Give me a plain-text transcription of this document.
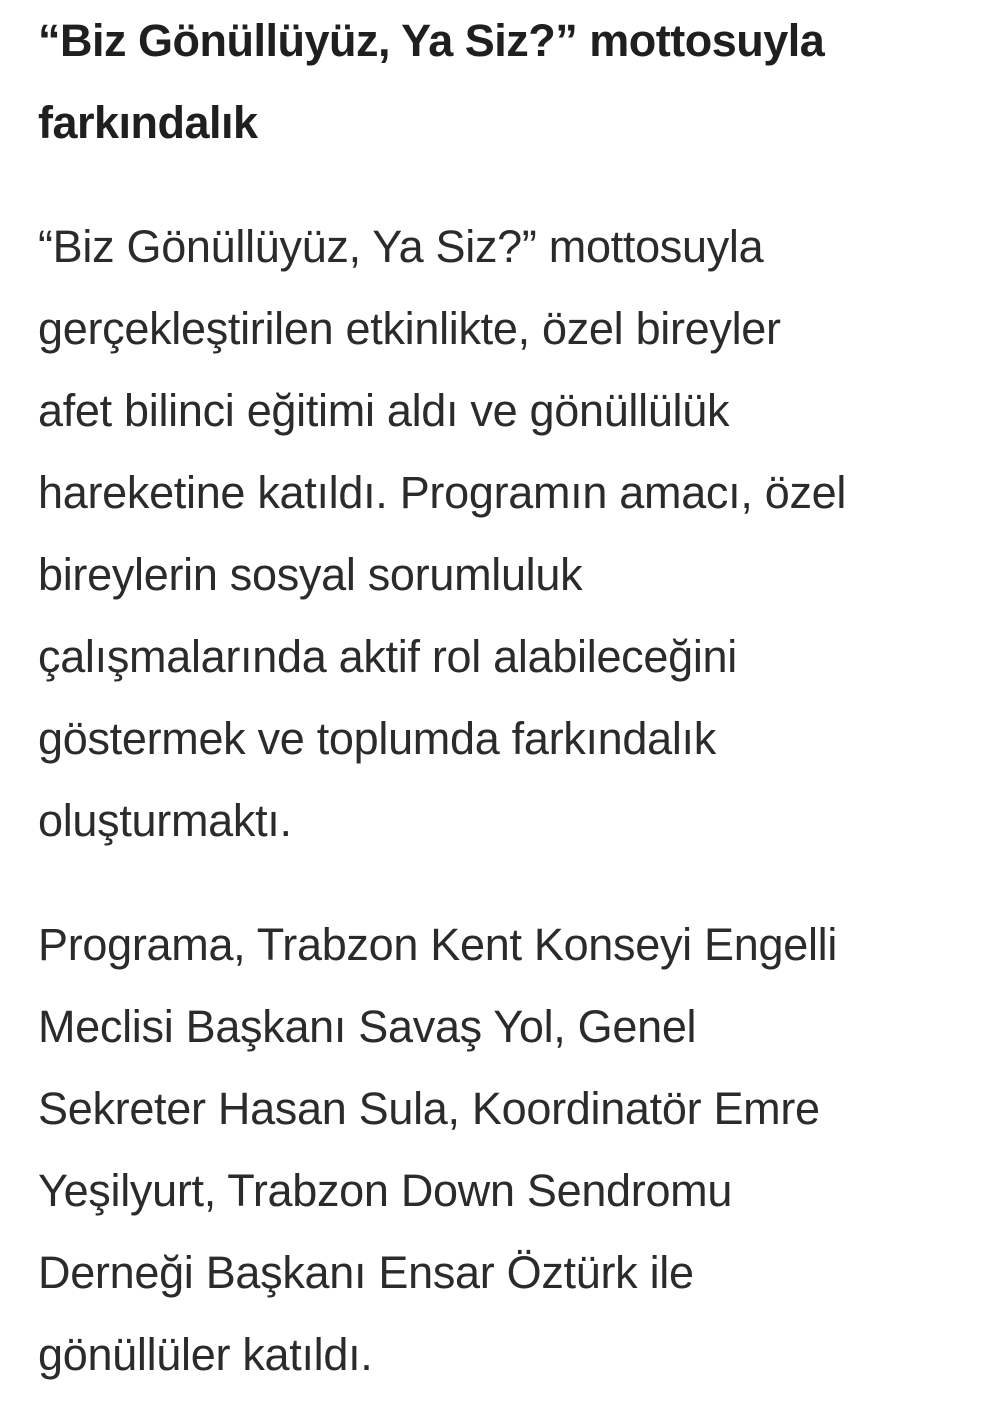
“Biz Gönüllüyüz, Ya Siz?” mottosuyla
farkındalık

“Biz Gönüllüyüz, Ya Siz?” mottosuyla
gerçekleştirilen etkinlikte, özel bireyler
afet bilinci eğitimi aldı ve gönüllülük
hareketine katıldı. Programın amacı, özel
bireylerin sosyal sorumluluk
çalışmalarında aktif rol alabileceğini
göstermek ve toplumda farkındalık
oluşturmaktı.

Programa, Trabzon Kent Konseyi Engelli
Meclisi Başkanı Savaş Yol, Genel
Sekreter Hasan Sula, Koordinatör Emre
Yeşilyurt, Trabzon Down Sendromu
Derneği Başkanı Ensar Öztürk ile
gönüllüler katıldı.
